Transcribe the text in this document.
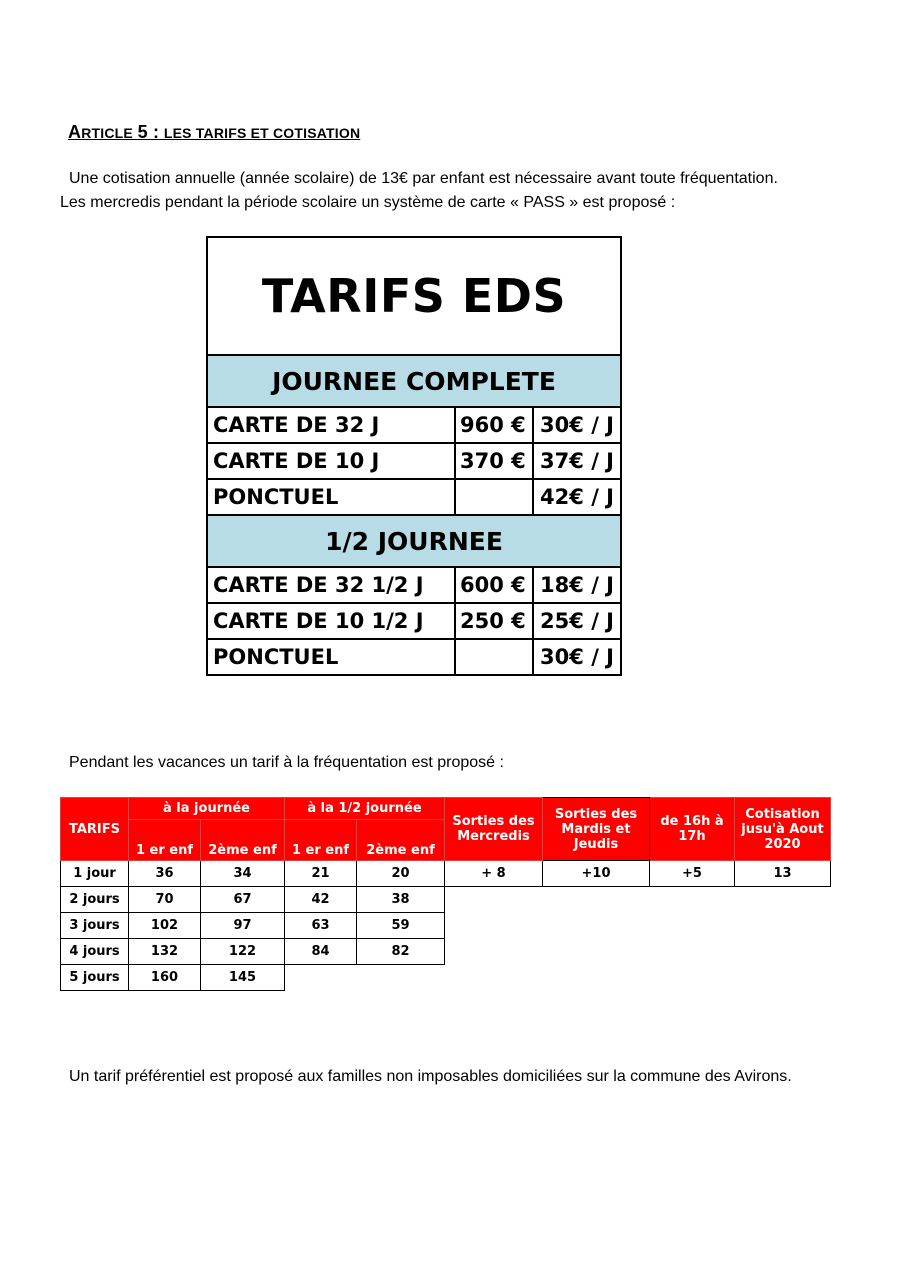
ARTICLE 5 : LES TARIFS ET COTISATION
Une cotisation annuelle (année scolaire) de 13€ par enfant est nécessaire avant toute fréquentation.
Les mercredis pendant la période scolaire un système de carte « PASS » est proposé :
TARIFS EDS		
JOURNEE COMPLETE		
CARTE DE 32 J	960 €	30€ / J
CARTE DE 10 J	370 €	37€ / J
PONCTUEL		42€ / J
1/2 JOURNEE		
CARTE DE 32 1/2 J	600 €	18€ / J
CARTE DE 10 1/2 J	250 €	25€ / J
PONCTUEL		30€ / J
Pendant les vacances un tarif à la fréquentation est proposé :
TARIFS	à la journée		à la 1/2 journée		Sorties des Mercredis	Sorties des Mardis et Jeudis	de 16h à 17h	Cotisation jusu'à Aout 2020
	1 er enf	2ème enf	1 er enf	2ème enf				
1 jour	36	34	21	20	+ 8	+10	+5	13
2 jours	70	67	42	38				
3 jours	102	97	63	59				
4 jours	132	122	84	82				
5 jours	160	145						
Un tarif préférentiel est proposé aux familles non imposables domiciliées sur la commune des Avirons.
